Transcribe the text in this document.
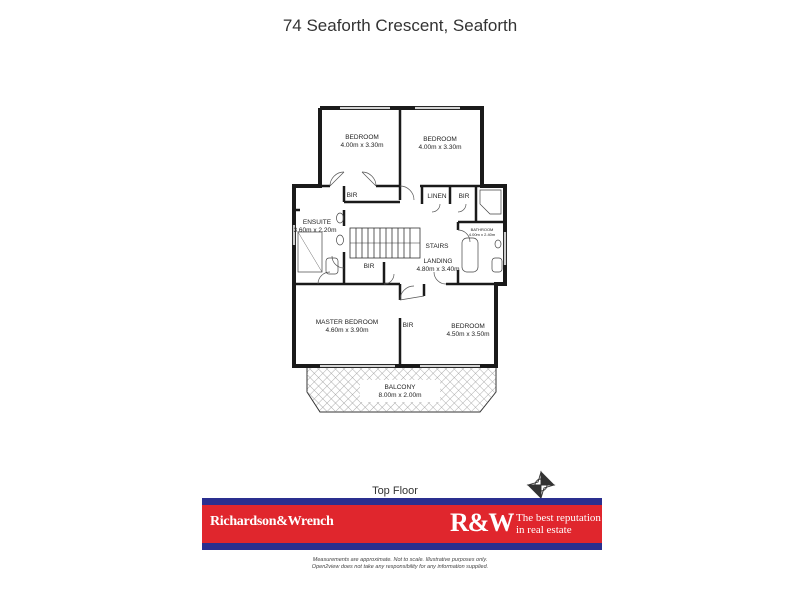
74 Seaforth Crescent, Seaforth
BEDROOM
4.00m x 3.30m
BEDROOM
4.00m x 3.30m
BIR	LINEN BIR
ENSUITE
3.60m x 2.20m
STAIRS
BATHROOM
4.00m x 2.40m
BIR
LANDING
4.80m x 3.40m
MASTER BEDROOM
4.60m x 3.90m
BIR	BEDROOM
4.50m x 3.50m
BALCONY
8.00m x 2.00m
Top Floor
Richardson&Wrench	R&W The best reputation
in real estate
Measurements are approximate. Not to scale. Illustrative purposes only.
Open2view does not take any responsibility for any information supplied.
